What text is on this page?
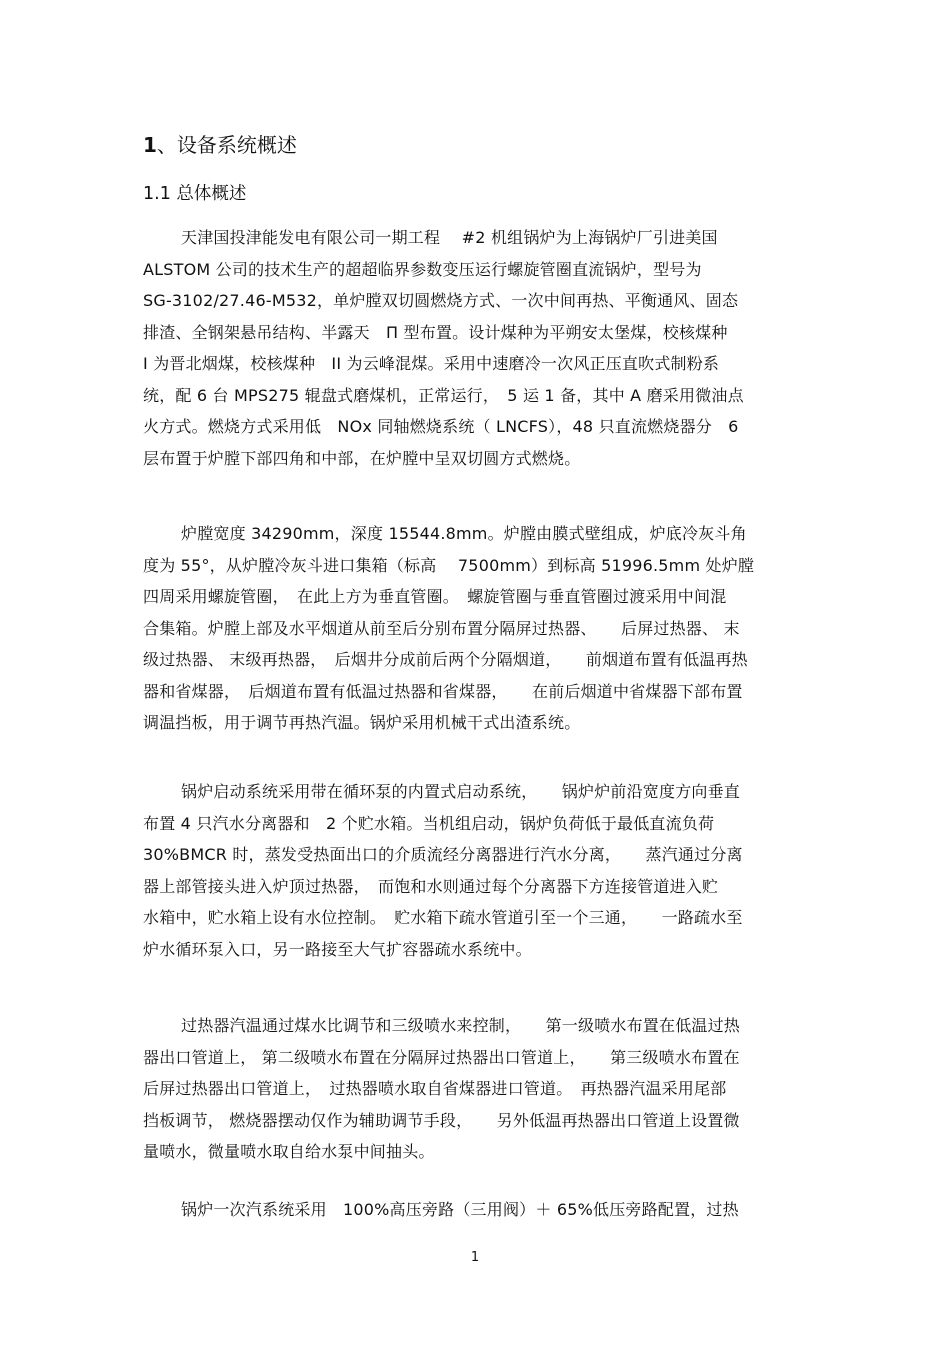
1、设备系统概述
1.1 总体概述
天津国投津能发电有限公司一期工程　 #2 机组锅炉为上海锅炉厂引进美国
ALSTOM 公司的技术生产的超超临界参数变压运行螺旋管圈直流锅炉，型号为
SG-3102/27.46-M532，单炉膛双切圆燃烧方式、一次中间再热、平衡通风、固态
排渣、全钢架悬吊结构、半露天　Π 型布置。设计煤种为平朔安太堡煤，校核煤种
I 为晋北烟煤，校核煤种　II 为云峰混煤。采用中速磨冷一次风正压直吹式制粉系
统，配 6 台 MPS275 辊盘式磨煤机，正常运行，　5 运 1 备，其中 A 磨采用微油点
火方式。燃烧方式采用低　NOx 同轴燃烧系统（ LNCFS），48 只直流燃烧器分　6
层布置于炉膛下部四角和中部，在炉膛中呈双切圆方式燃烧。
炉膛宽度 34290mm，深度 15544.8mm。炉膛由膜式壁组成，炉底冷灰斗角
度为 55°，从炉膛冷灰斗进口集箱（标高　 7500mm）到标高 51996.5mm 处炉膛
四周采用螺旋管圈，　在此上方为垂直管圈。　螺旋管圈与垂直管圈过渡采用中间混
合集箱。炉膛上部及水平烟道从前至后分别布置分隔屏过热器、　　后屏过热器、 末
级过热器、 末级再热器，　后烟井分成前后两个分隔烟道，　　前烟道布置有低温再热
器和省煤器，　后烟道布置有低温过热器和省煤器，　　在前后烟道中省煤器下部布置
调温挡板，用于调节再热汽温。锅炉采用机械干式出渣系统。
锅炉启动系统采用带在循环泵的内置式启动系统，　　锅炉炉前沿宽度方向垂直
布置 4 只汽水分离器和　2 个贮水箱。当机组启动，锅炉负荷低于最低直流负荷
30%BMCR 时，蒸发受热面出口的介质流经分离器进行汽水分离，　　蒸汽通过分离
器上部管接头进入炉顶过热器，　而饱和水则通过每个分离器下方连接管道进入贮
水箱中，贮水箱上设有水位控制。　贮水箱下疏水管道引至一个三通，　　一路疏水至
炉水循环泵入口，另一路接至大气扩容器疏水系统中。
过热器汽温通过煤水比调节和三级喷水来控制，　　第一级喷水布置在低温过热
器出口管道上， 第二级喷水布置在分隔屏过热器出口管道上，　　第三级喷水布置在
后屏过热器出口管道上，　过热器喷水取自省煤器进口管道。　再热器汽温采用尾部
挡板调节， 燃烧器摆动仅作为辅助调节手段，　　另外低温再热器出口管道上设置微
量喷水，微量喷水取自给水泵中间抽头。
锅炉一次汽系统采用　100%高压旁路（三用阀）＋ 65%低压旁路配置，过热
1
